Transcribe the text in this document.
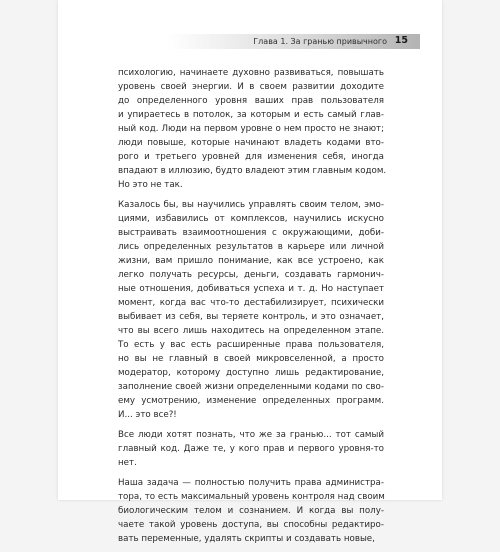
Глава 1. За гранью привычного 15
психологию, начинаете духовно развиваться, повышать
уровень своей энергии. И в своем развитии доходите
до определенного уровня ваших прав пользователя
и упираетесь в потолок, за которым и есть самый глав-
ный код. Люди на первом уровне о нем просто не знают;
люди повыше, которые начинают владеть кодами вто-
рого и третьего уровней для изменения себя, иногда
впадают в иллюзию, будто владеют этим главным кодом.
Но это не так.
Казалось бы, вы научились управлять своим телом, эмо-
циями, избавились от комплексов, научились искусно
выстраивать взаимоотношения с окружающими, доби-
лись определенных результатов в карьере или личной
жизни, вам пришло понимание, как все устроено, как
легко получать ресурсы, деньги, создавать гармонич-
ные отношения, добиваться успеха и т. д. Но наступает
момент, когда вас что-то дестабилизирует, психически
выбивает из себя, вы теряете контроль, и это означает,
что вы всего лишь находитесь на определенном этапе.
То есть у вас есть расширенные права пользователя,
но вы не главный в своей микровселенной, а просто
модератор, которому доступно лишь редактирование,
заполнение своей жизни определенными кодами по сво-
ему усмотрению, изменение определенных программ.
И... это все?!
Все люди хотят познать, что же за гранью... тот самый
главный код. Даже те, у кого прав и первого уровня-то
нет.
Наша задача — полностью получить права администра-
тора, то есть максимальный уровень контроля над своим
биологическим телом и сознанием. И когда вы полу-
чаете такой уровень доступа, вы способны редактиро-
вать переменные, удалять скрипты и создавать новые,
